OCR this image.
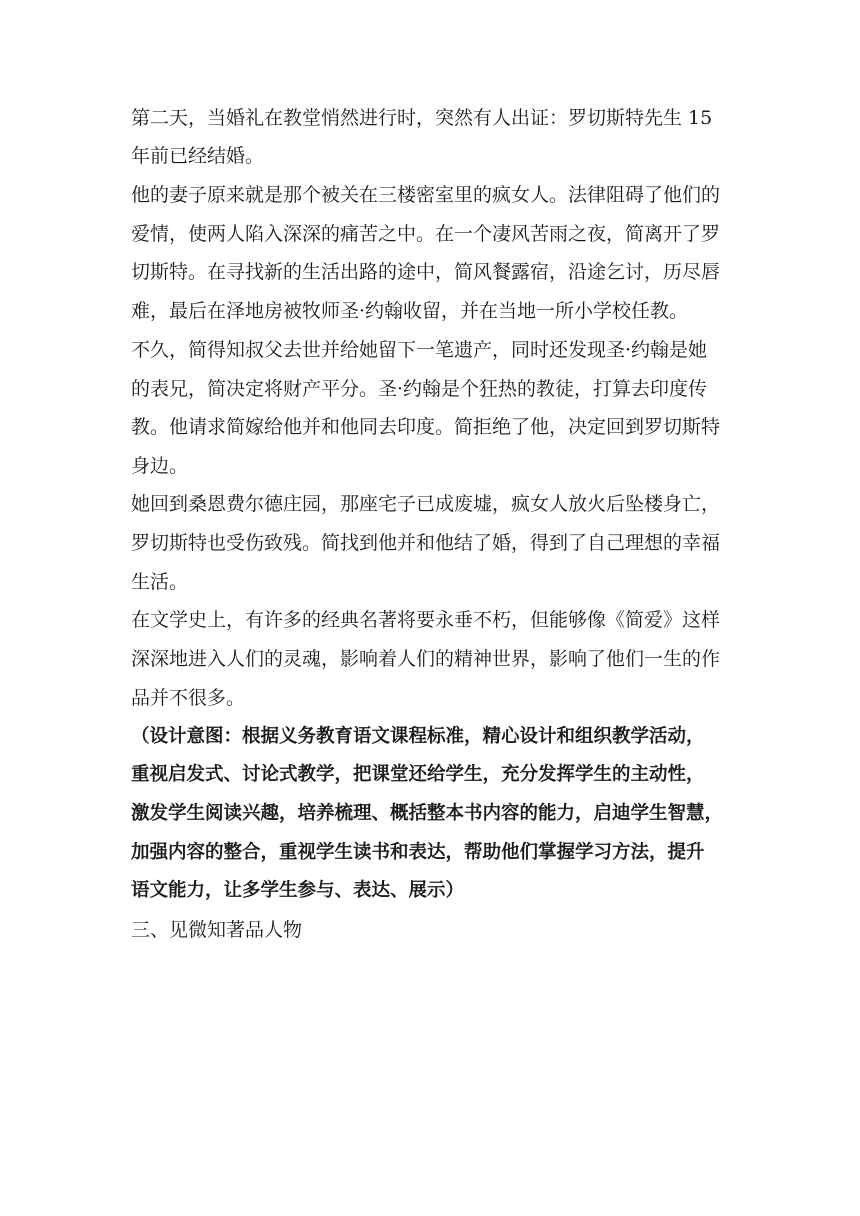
第二天，当婚礼在教堂悄然进行时，突然有人出证：罗切斯特先生 15
年前已经结婚。
他的妻子原来就是那个被关在三楼密室里的疯女人。法律阻碍了他们的
爱情，使两人陷入深深的痛苦之中。在一个凄风苦雨之夜，简离开了罗
切斯特。在寻找新的生活出路的途中，简风餐露宿，沿途乞讨，历尽唇
难，最后在泽地房被牧师圣·约翰收留，并在当地一所小学校任教。
不久，简得知叔父去世并给她留下一笔遗产，同时还发现圣·约翰是她
的表兄，简决定将财产平分。圣·约翰是个狂热的教徒，打算去印度传
教。他请求简嫁给他并和他同去印度。简拒绝了他，决定回到罗切斯特
身边。
她回到桑恩费尔德庄园，那座宅子已成废墟，疯女人放火后坠楼身亡，
罗切斯特也受伤致残。简找到他并和他结了婚，得到了自己理想的幸福
生活。
在文学史上，有许多的经典名著将要永垂不朽，但能够像《简爱》这样
深深地进入人们的灵魂，影响着人们的精神世界，影响了他们一生的作
品并不很多。
（设计意图：根据义务教育语文课程标准，精心设计和组织教学活动，
重视启发式、讨论式教学，把课堂还给学生，充分发挥学生的主动性，
激发学生阅读兴趣，培养梳理、概括整本书内容的能力，启迪学生智慧，
加强内容的整合，重视学生读书和表达，帮助他们掌握学习方法，提升
语文能力，让多学生参与、表达、展示）
三、见微知著品人物
